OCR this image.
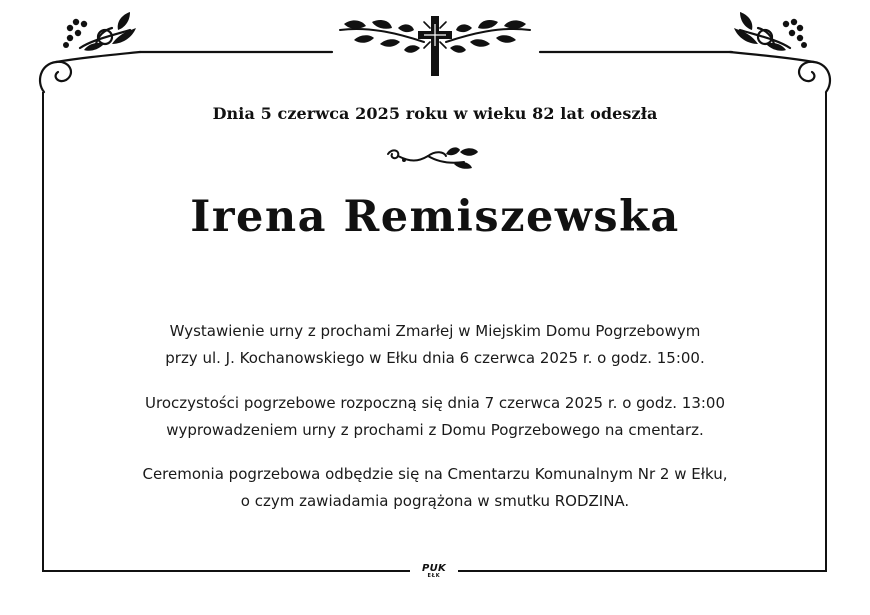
Dnia 5 czerwca 2025 roku w wieku 82 lat odeszła
Irena Remiszewska
Wystawienie urny z prochami Zmarłej w Miejskim Domu Pogrzebowym
przy ul. J. Kochanowskiego w Ełku dnia 6 czerwca 2025 r. o godz. 15:00.
Uroczystości pogrzebowe rozpoczną się dnia 7 czerwca 2025 r. o godz. 13:00
wyprowadzeniem urny z prochami z Domu Pogrzebowego na cmentarz.
Ceremonia pogrzebowa odbędzie się na Cmentarzu Komunalnym Nr 2 w Ełku,
o czym zawiadamia pogrążona w smutku RODZINA.
PUK
EŁK
